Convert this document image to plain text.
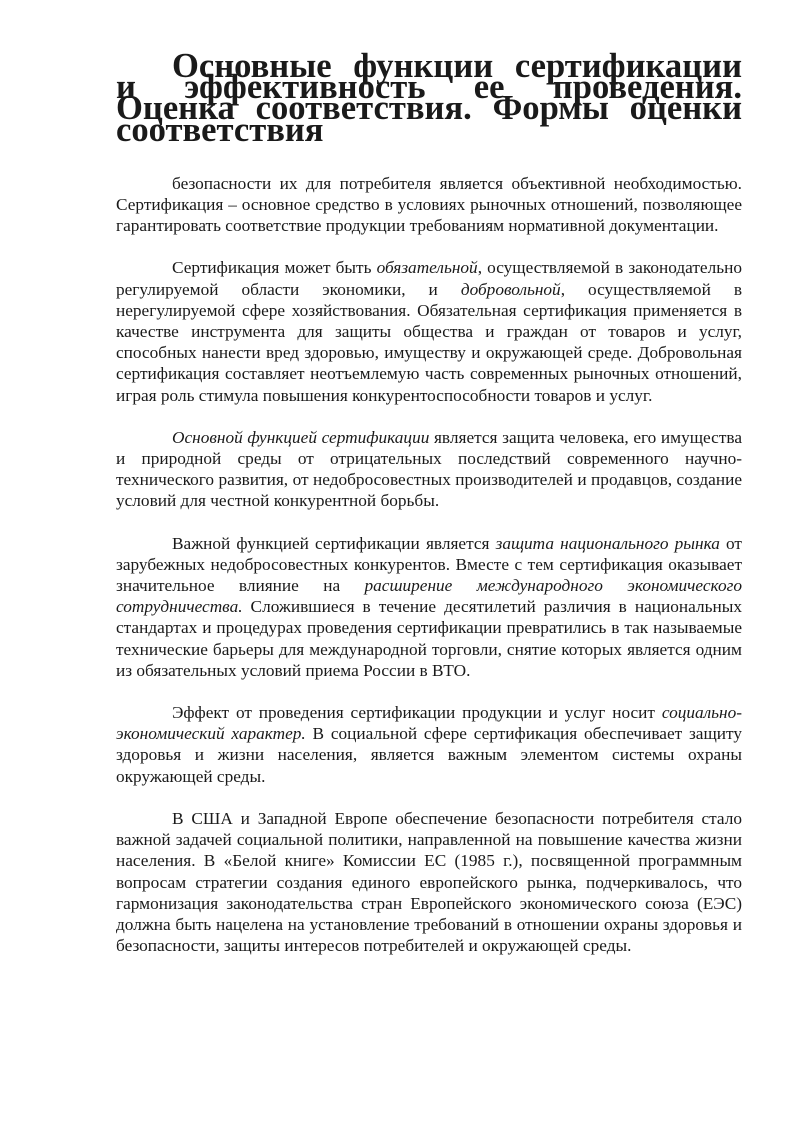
Основные функции сертификации и эффективность ее проведения. Оценка соответствия. Формы оценки соответствия

безопасности их для потребителя является объективной необходимостью. Сертификация – основное средство в условиях рыночных отношений, позволяющее гарантировать соответствие продукции требованиям нормативной документации.

Сертификация может быть обязательной, осуществляемой в законодательно регулируемой области экономики, и добровольной, осуществляемой в нерегулируемой сфере хозяйствования. Обязательная сертификация применяется в качестве инструмента для защиты общества и граждан от товаров и услуг, способных нанести вред здоровью, имуществу и окружающей среде. Добровольная сертификация составляет неотъемлемую часть современных рыночных отношений, играя роль стимула повышения конкурентоспособности товаров и услуг.

Основной функцией сертификации является защита человека, его имущества и природной среды от отрицательных последствий современного научно-технического развития, от недобросовестных производителей и продавцов, создание условий для честной конкурентной борьбы.

Важной функцией сертификации является защита национального рынка от зарубежных недобросовестных конкурентов. Вместе с тем сертификация оказывает значительное влияние на расширение международного экономического сотрудничества. Сложившиеся в течение десятилетий различия в национальных стандартах и процедурах проведения сертификации превратились в так называемые технические барьеры для международной торговли, снятие которых является одним из обязательных условий приема России в ВТО.

Эффект от проведения сертификации продукции и услуг носит социально-экономический характер. В социальной сфере сертификация обеспечивает защиту здоровья и жизни населения, является важным элементом системы охраны окружающей среды.

В США и Западной Европе обеспечение безопасности потребителя стало важной задачей социальной политики, направленной на повышение качества жизни населения. В «Белой книге» Комиссии ЕС (1985 г.), посвященной программным вопросам стратегии создания единого европейского рынка, подчеркивалось, что гармонизация законодательства стран Европейского экономического союза (ЕЭС) должна быть нацелена на установление требований в отношении охраны здоровья и безопасности, защиты интересов потребителей и окружающей среды.
